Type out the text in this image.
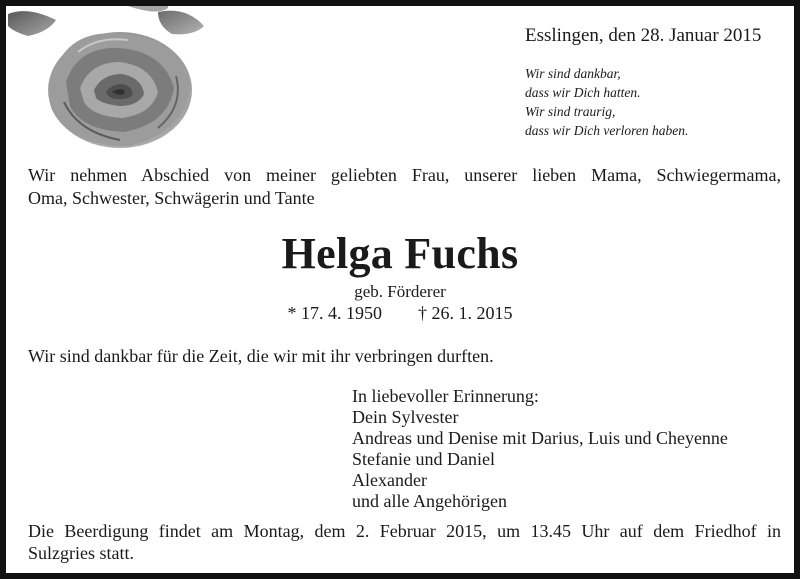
Esslingen, den 28. Januar 2015
Wir sind dankbar,
dass wir Dich hatten.
Wir sind traurig,
dass wir Dich verloren haben.
Wir nehmen Abschied von meiner geliebten Frau, unserer lieben Mama, Schwiegermama,
Oma, Schwester, Schwägerin und Tante
Helga Fuchs
geb. Förderer
* 17. 4. 1950 † 26. 1. 2015
Wir sind dankbar für die Zeit, die wir mit ihr verbringen durften.
In liebevoller Erinnerung:
Dein Sylvester
Andreas und Denise mit Darius, Luis und Cheyenne
Stefanie und Daniel
Alexander
und alle Angehörigen
Die Beerdigung findet am Montag, dem 2. Februar 2015, um 13.45 Uhr auf dem Friedhof in
Sulzgries statt.
